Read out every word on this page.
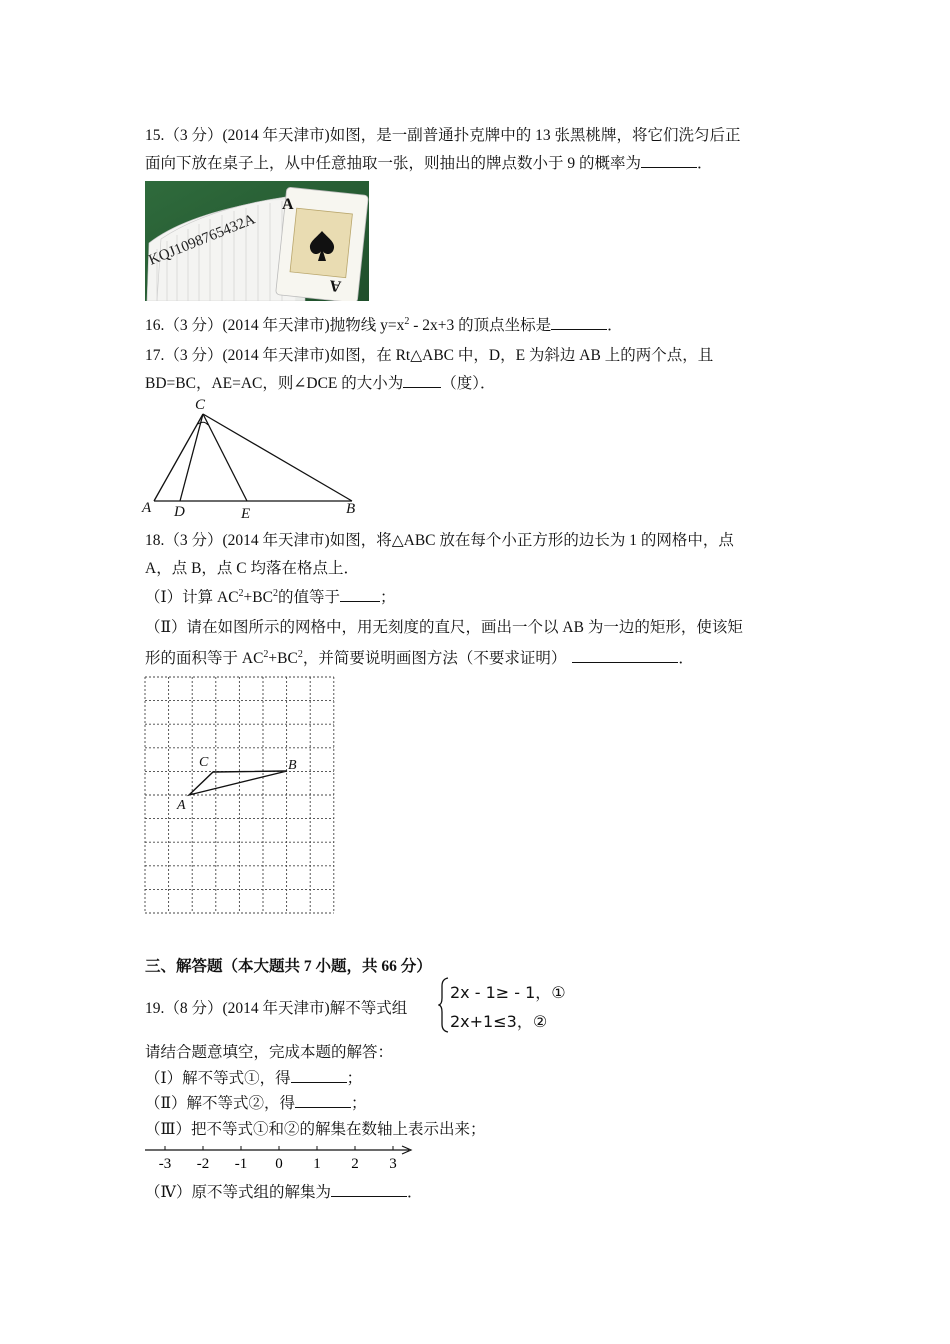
15.（3 分）(2014 年天津市)如图，是一副普通扑克牌中的 13 张黑桃牌，将它们洗匀后正
面向下放在桌子上，从中任意抽取一张，则抽出的牌点数小于 9 的概率为	．
KQJ1098765432A
A
A
16.（3 分）(2014 年天津市)抛物线 $y=x^2 - 2x+3$ 的顶点坐标是	．
17.（3 分）(2014 年天津市)如图，在 Rt△ABC 中，D，E 为斜边 AB 上的两个点，且
BD=BC，AE=AC，则∠DCE 的大小为 （度）．
C
A D	E	B
18.（3 分）(2014 年天津市)如图，将△ABC 放在每个小正方形的边长为 1 的网格中，点
A，点 B，点 C 均落在格点上．
（Ⅰ）计算 $AC^2+BC^2$的值等于	；
（Ⅱ）请在如图所示的网格中，用无刻度的直尺，画出一个以 AB 为一边的矩形，使该矩
形的面积等于 $AC^2+BC^2$，并简要说明画图方法（不要求证明）	．
A
C	B
三、解答题（本大题共 7 小题，共 66 分）
19.（8 分）(2014 年天津市)解不等式组
2x - 1≥ - 1，①
2x+1≤3，②
请结合题意填空，完成本题的解答：
（Ⅰ）解不等式①，得	；
（Ⅱ）解不等式②，得	；
（Ⅲ）把不等式①和②的解集在数轴上表示出来；
-3 -2 -1 0 1 2 3
（Ⅳ）原不等式组的解集为	．
